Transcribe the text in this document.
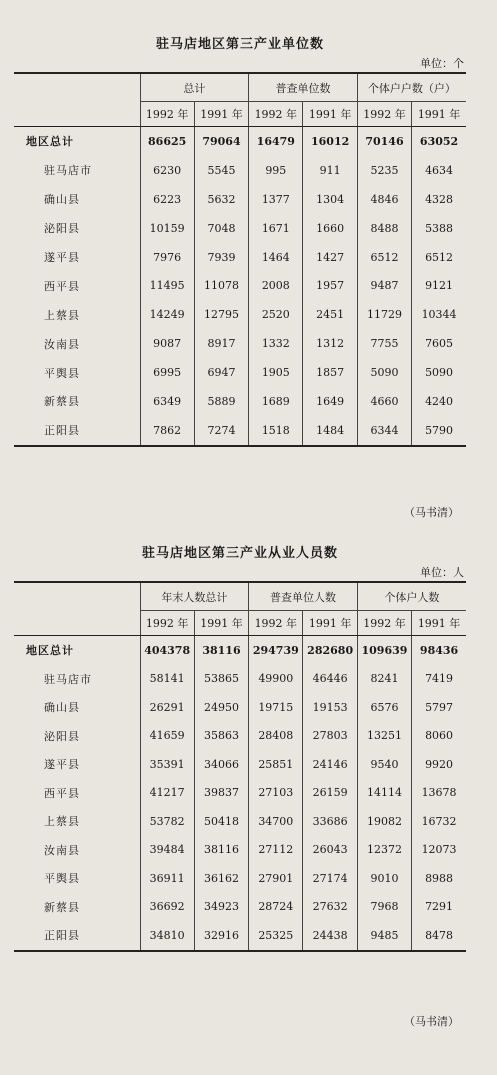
驻马店地区第三产业单位数
单位：个
	总计		普查单位数		个体户户数（户）	
	1992 年	1991 年	1992 年	1991 年	1992 年	1991 年
地区总计	86625	79064	16479	16012	70146	63052
驻马店市	6230	5545	995	911	5235	4634
确山县	6223	5632	1377	1304	4846	4328
泌阳县	10159	7048	1671	1660	8488	5388
遂平县	7976	7939	1464	1427	6512	6512
西平县	11495	11078	2008	1957	9487	9121
上蔡县	14249	12795	2520	2451	11729	10344
汝南县	9087	8917	1332	1312	7755	7605
平舆县	6995	6947	1905	1857	5090	5090
新蔡县	6349	5889	1689	1649	4660	4240
正阳县	7862	7274	1518	1484	6344	5790
（马书清）
驻马店地区第三产业从业人员数
单位：人
	年末人数总计		普查单位人数		个体户人数	
	1992 年	1991 年	1992 年	1991 年	1992 年	1991 年
地区总计	404378	38116	294739	282680	109639	98436
驻马店市	58141	53865	49900	46446	8241	7419
确山县	26291	24950	19715	19153	6576	5797
泌阳县	41659	35863	28408	27803	13251	8060
遂平县	35391	34066	25851	24146	9540	9920
西平县	41217	39837	27103	26159	14114	13678
上蔡县	53782	50418	34700	33686	19082	16732
汝南县	39484	38116	27112	26043	12372	12073
平舆县	36911	36162	27901	27174	9010	8988
新蔡县	36692	34923	28724	27632	7968	7291
正阳县	34810	32916	25325	24438	9485	8478
（马书清）
